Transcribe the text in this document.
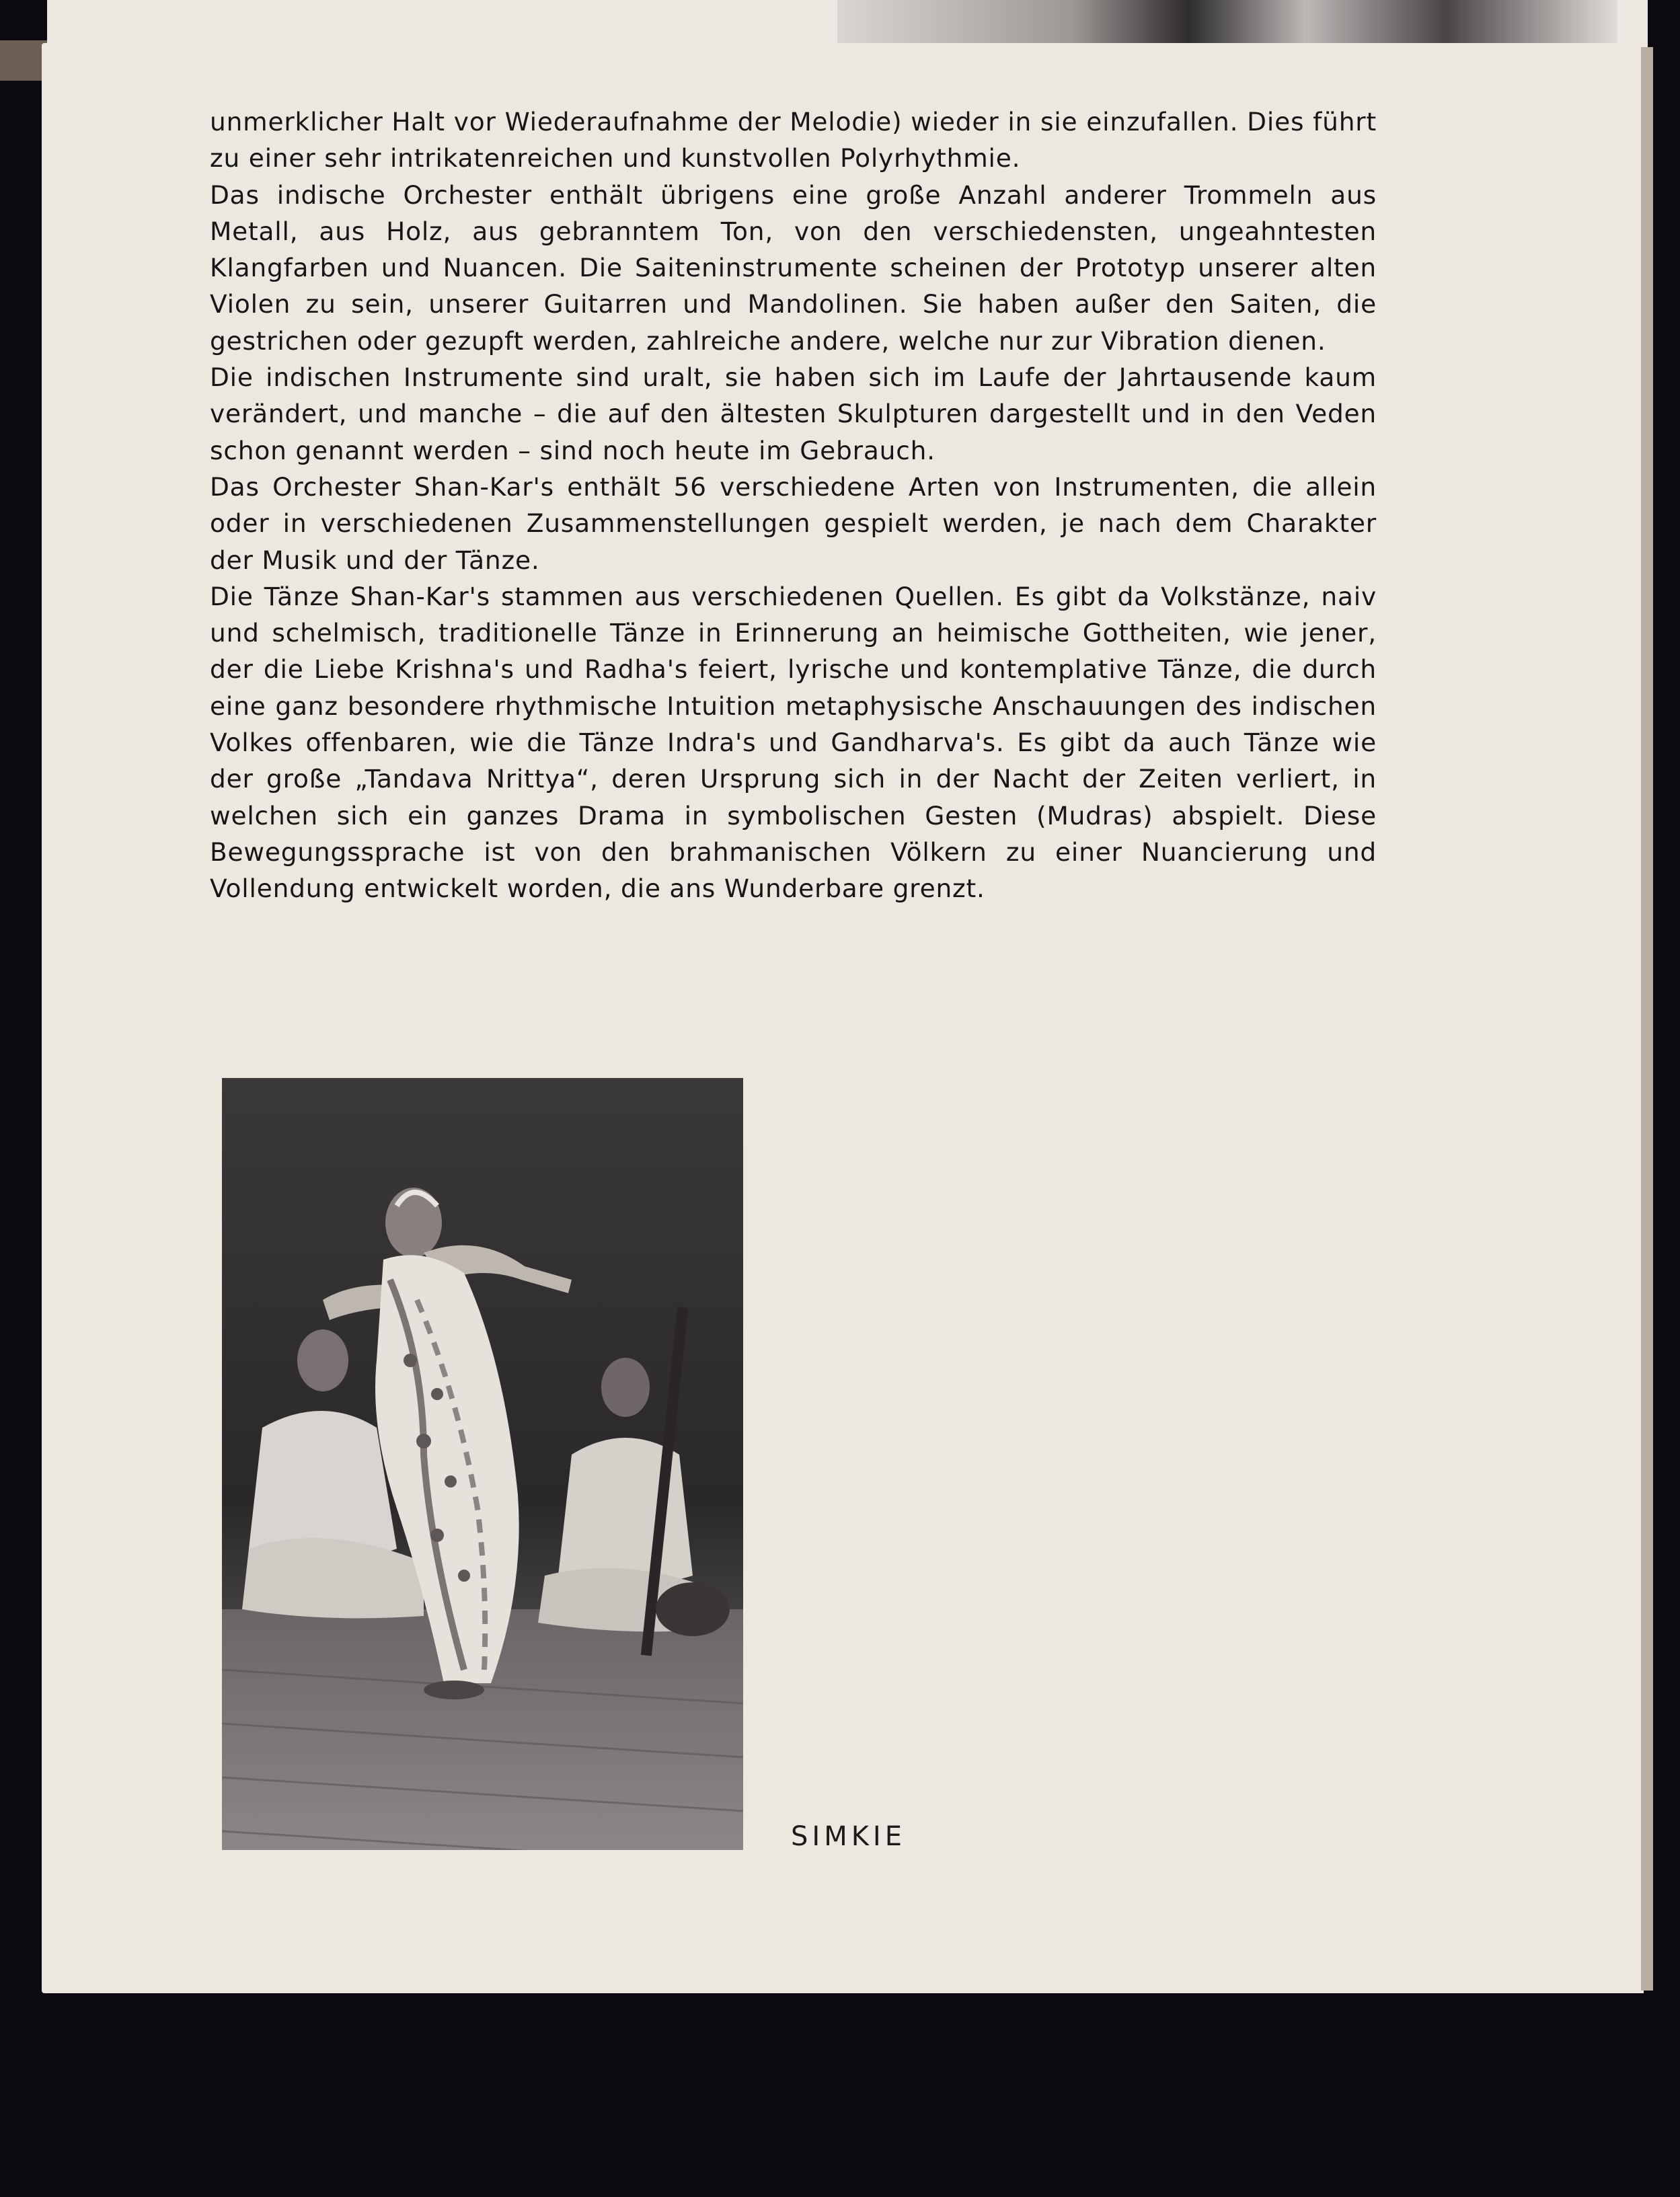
unmerklicher Halt vor Wiederaufnahme der Melodie) wieder in sie einzufallen. Dies führt zu einer sehr intrikatenreichen und kunstvollen Polyrhythmie.

Das indische Orchester enthält übrigens eine große Anzahl anderer Trommeln aus Metall, aus Holz, aus gebranntem Ton, von den verschiedensten, ungeahntesten Klangfarben und Nuancen. Die Saiteninstrumente scheinen der Prototyp unserer alten Violen zu sein, unserer Guitarren und Mandolinen. Sie haben außer den Saiten, die gestrichen oder gezupft werden, zahlreiche andere, welche nur zur Vibration dienen.

Die indischen Instrumente sind uralt, sie haben sich im Laufe der Jahrtausende kaum verändert, und manche – die auf den ältesten Skulpturen dargestellt und in den Veden schon genannt werden – sind noch heute im Gebrauch.

Das Orchester Shan-Kar's enthält 56 verschiedene Arten von Instrumenten, die allein oder in verschiedenen Zusammenstellungen gespielt werden, je nach dem Charakter der Musik und der Tänze.

Die Tänze Shan-Kar's stammen aus verschiedenen Quellen. Es gibt da Volkstänze, naiv und schelmisch, traditionelle Tänze in Erinnerung an heimische Gottheiten, wie jener, der die Liebe Krishna's und Radha's feiert, lyrische und kontemplative Tänze, die durch eine ganz besondere rhythmische Intuition metaphysische Anschauungen des indischen Volkes offenbaren, wie die Tänze Indra's und Gandharva's. Es gibt da auch Tänze wie der große „Tandava Nrittya“, deren Ursprung sich in der Nacht der Zeiten verliert, in welchen sich ein ganzes Drama in symbolischen Gesten (Mudras) abspielt. Diese Bewegungssprache ist von den brahmanischen Völkern zu einer Nuancierung und Vollendung entwickelt worden, die ans Wunderbare grenzt.

SIMKIE
